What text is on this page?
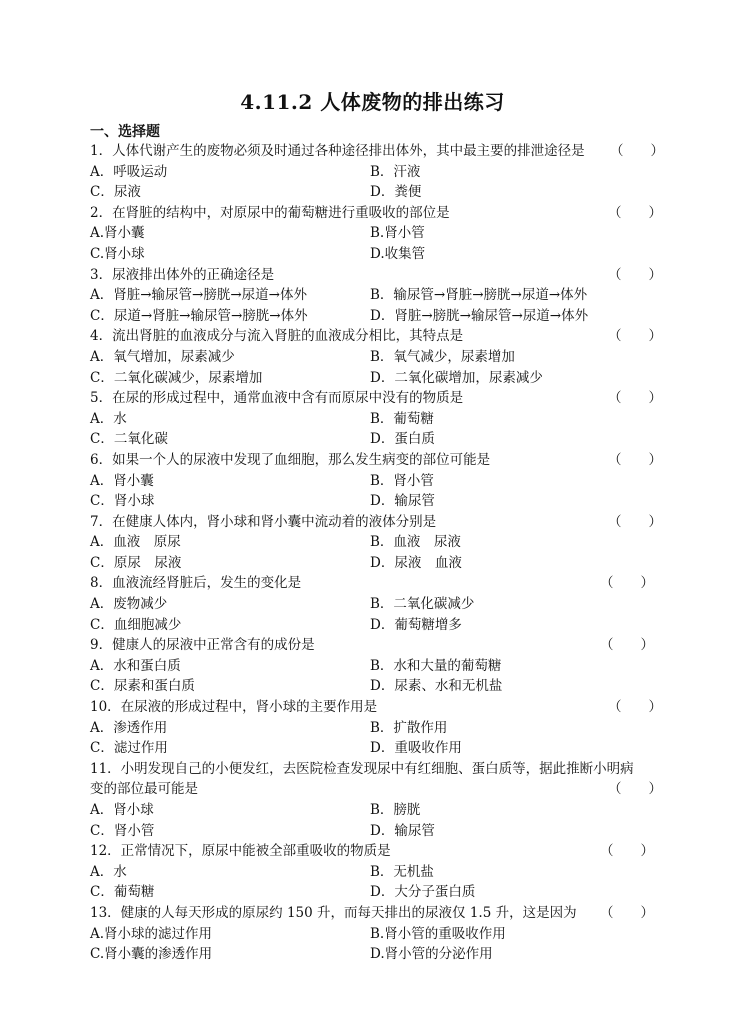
4.11.2 人体废物的排出练习
一、选择题
1．人体代谢产生的废物必须及时通过各种途径排出体外，其中最主要的排泄途径是 （　　）
A．呼吸运动	B．汗液
C．尿液	D．粪便
2．在肾脏的结构中，对原尿中的葡萄糖进行重吸收的部位是	（　　）
A.肾小囊	B.肾小管
C.肾小球	D.收集管
3．尿液排出体外的正确途径是	（　　）
A．肾脏→输尿管→膀胱→尿道→体外	B．输尿管→肾脏→膀胱→尿道→体外
C．尿道→肾脏→输尿管→膀胱→体外	D．肾脏→膀胱→输尿管→尿道→体外
4．流出肾脏的血液成分与流入肾脏的血液成分相比，其特点是	（　　）
A．氧气增加，尿素减少	B．氧气减少，尿素增加
C．二氧化碳减少，尿素增加	D．二氧化碳增加，尿素减少
5．在尿的形成过程中，通常血液中含有而原尿中没有的物质是	（　　）
A．水	B．葡萄糖
C．二氧化碳	D．蛋白质
6．如果一个人的尿液中发现了血细胞，那么发生病变的部位可能是	（　　）
A．肾小囊	B．肾小管
C．肾小球	D．输尿管
7．在健康人体内，肾小球和肾小囊中流动着的液体分别是	（　　）
A．血液　原尿	B．血液　尿液
C．原尿　尿液	D．尿液　血液
8．血液流经肾脏后，发生的变化是	（　　）
A．废物减少	B．二氧化碳减少
C．血细胞减少	D．葡萄糖增多
9．健康人的尿液中正常含有的成份是	（　　）
A．水和蛋白质	B．水和大量的葡萄糖
C．尿素和蛋白质	D．尿素、水和无机盐
10．在尿液的形成过程中，肾小球的主要作用是	（　　）
A．渗透作用	B．扩散作用
C．滤过作用	D．重吸收作用
11．小明发现自己的小便发红，去医院检查发现尿中有红细胞、蛋白质等，据此推断小明病
变的部位最可能是	（　　）
A．肾小球	B．膀胱
C．肾小管	D．输尿管
12．正常情况下，原尿中能被全部重吸收的物质是	（　　）
A．水	B．无机盐
C．葡萄糖	D．大分子蛋白质
13．健康的人每天形成的原尿约 150 升，而每天排出的尿液仅 1.5 升，这是因为 （　　）
A.肾小球的滤过作用	B.肾小管的重吸收作用
C.肾小囊的渗透作用	D.肾小管的分泌作用
